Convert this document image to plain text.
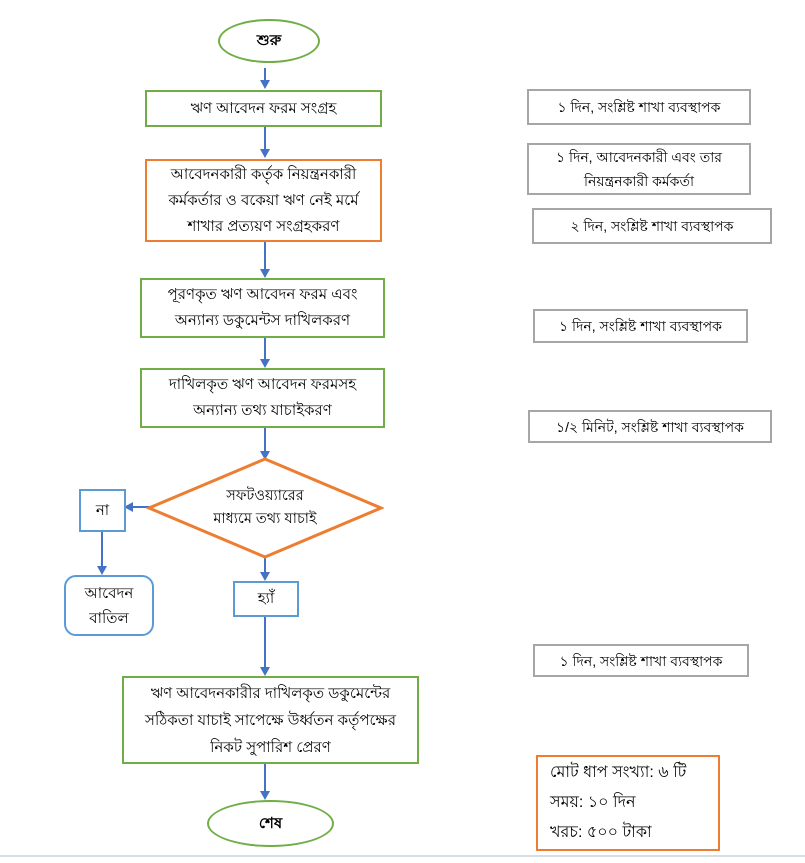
শুরু
ঋণ আবেদন ফরম সংগ্রহ
আবেদনকারী কর্তৃক নিয়ন্ত্রনকারী
কর্মকর্তার ও বকেয়া ঋণ নেই মর্মে
শাখার প্রত্যয়ণ সংগ্রহকরণ
পূরণকৃত ঋণ আবেদন ফরম এবং
অন্যান্য ডকুমেন্টস দাখিলকরণ
দাখিলকৃত ঋণ আবেদন ফরমসহ
অন্যান্য তথ্য যাচাইকরণ
সফটওয়্যারের
মাধ্যমে তথ্য যাচাই
না
আবেদন
বাতিল
হ্যাঁ
ঋণ আবেদনকারীর দাখিলকৃত ডকুমেন্টের
সঠিকতা যাচাই সাপেক্ষে উর্ধ্বতন কর্তৃপক্ষের
নিকট সুপারিশ প্রেরণ
শেষ
১ দিন, সংশ্লিষ্ট শাখা ব্যবস্থাপক
১ দিন, আবেদনকারী এবং তার
নিয়ন্ত্রনকারী কর্মকর্তা
২ দিন, সংশ্লিষ্ট শাখা ব্যবস্থাপক
১ দিন, সংশ্লিষ্ট শাখা ব্যবস্থাপক
১/২ মিনিট, সংশ্লিষ্ট শাখা ব্যবস্থাপক
১ দিন, সংশ্লিষ্ট শাখা ব্যবস্থাপক
মোট ধাপ সংখ্যা: ৬ টি
সময়: ১০ দিন
খরচ: ৫০০ টাকা
